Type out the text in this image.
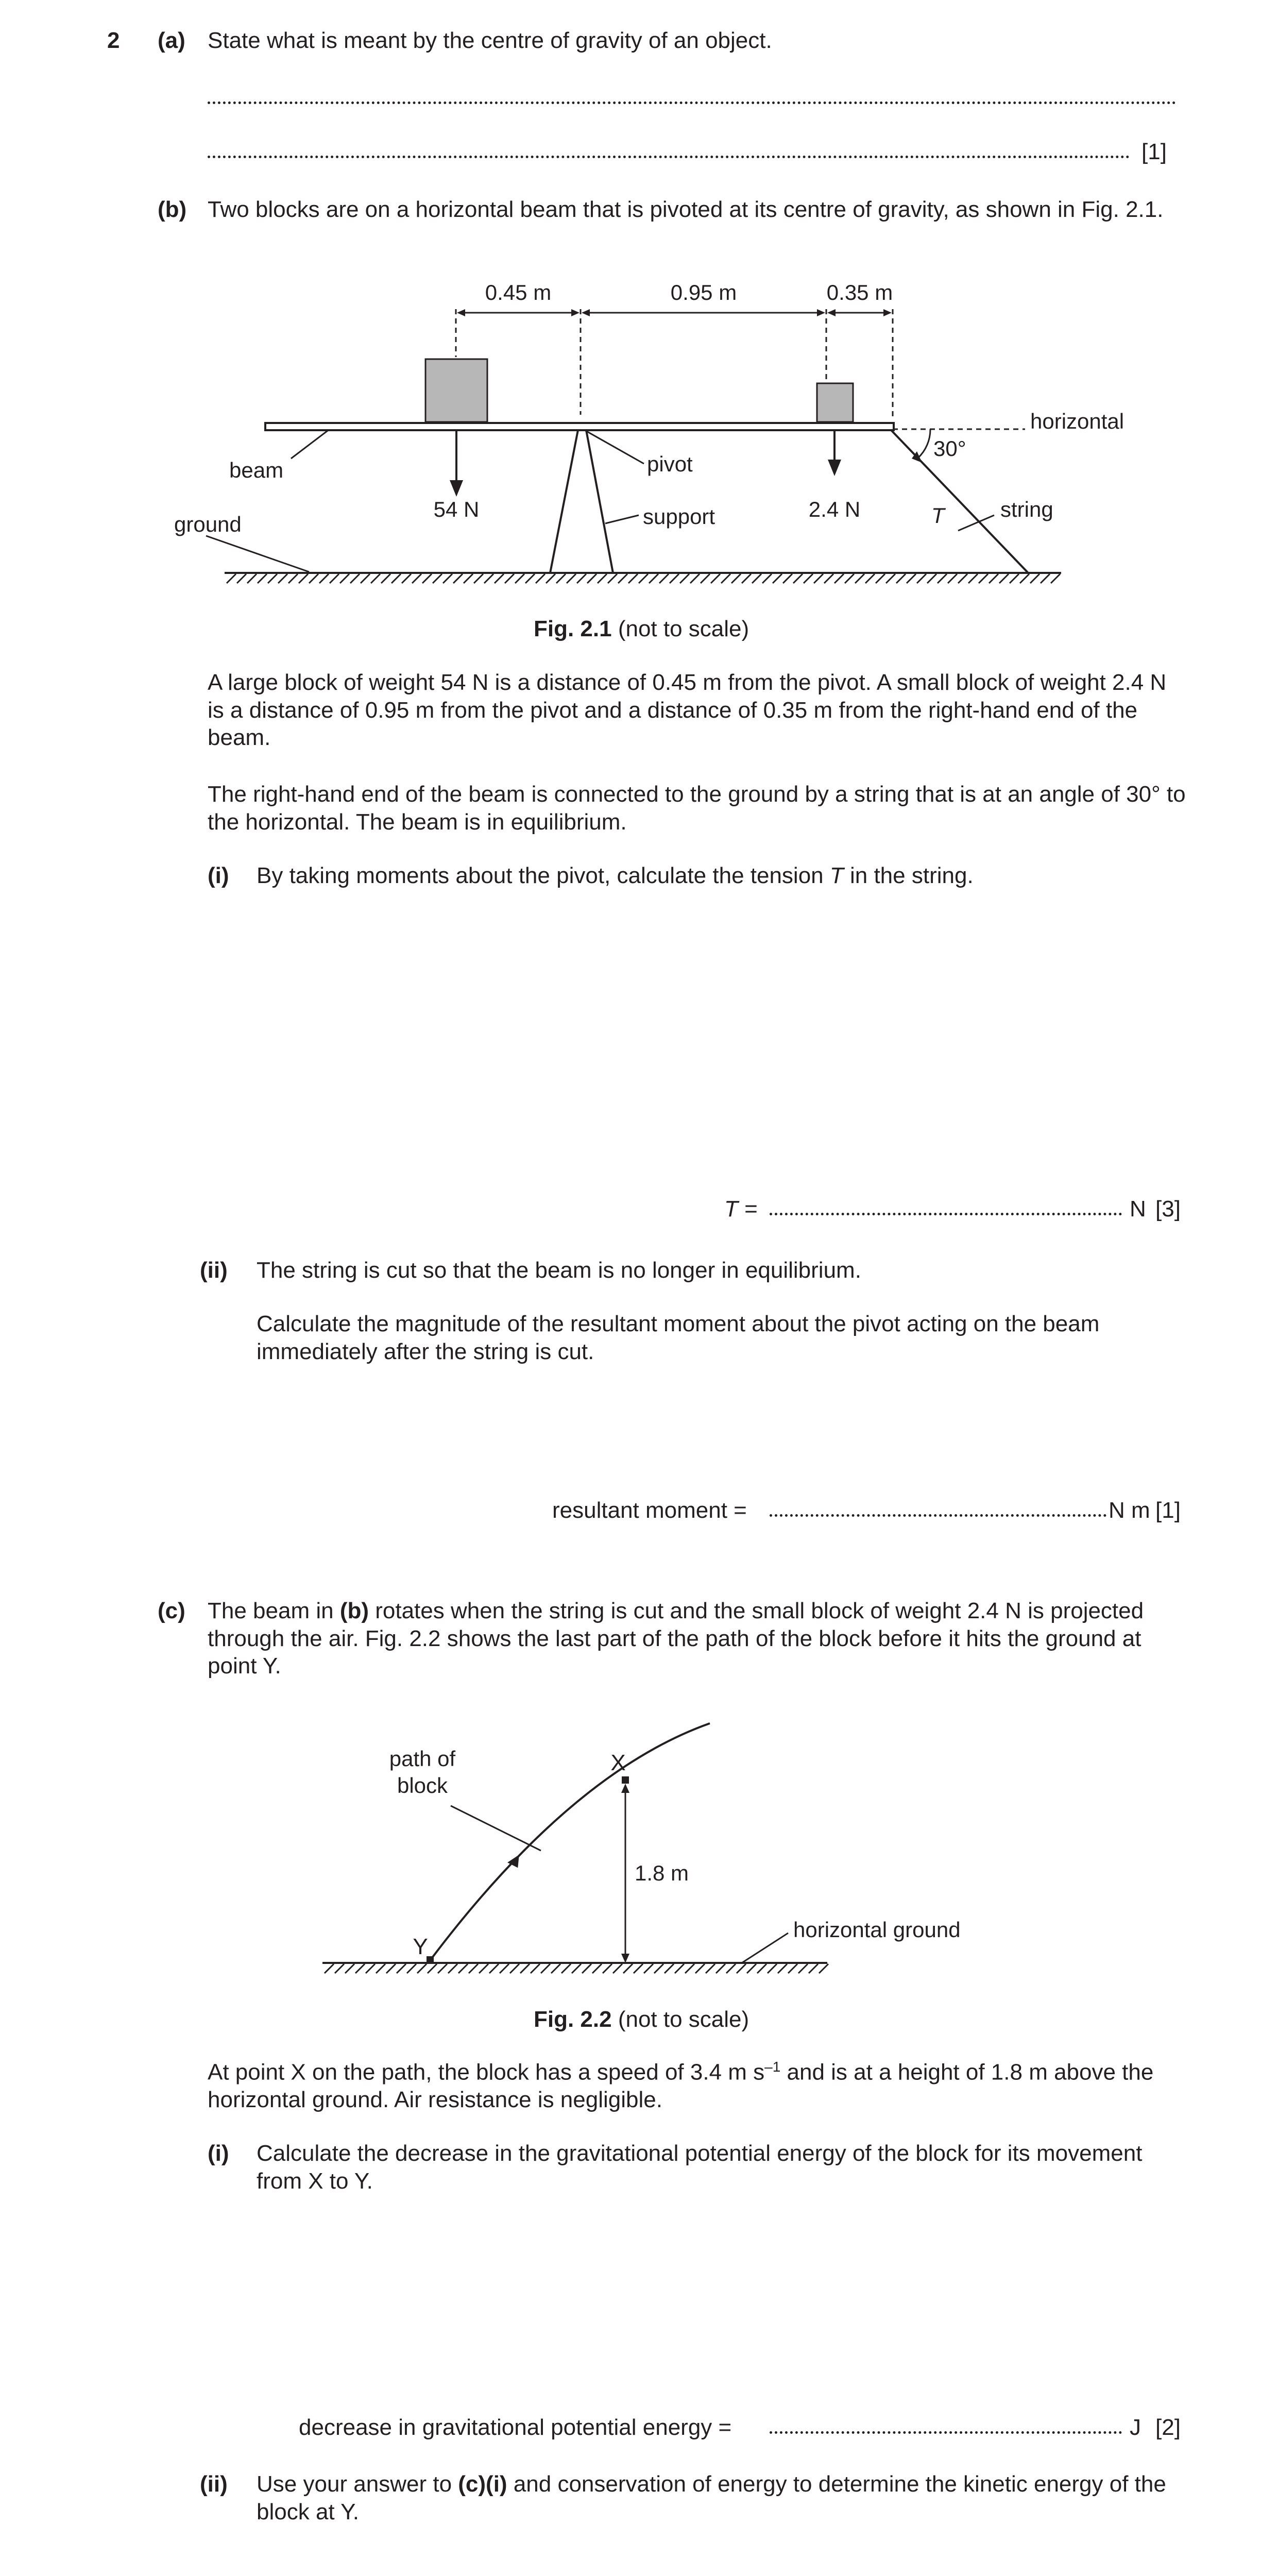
2 (a) State what is meant by the centre of gravity of an object.
[1]
(b) Two blocks are on a horizontal beam that is pivoted at its centre of gravity, as shown in Fig. 2.1.
0.45 m	0.95 m	0.35 m
horizontal
beam	pivot
ground
54 N	2.4 N
support
30°
T	string
Fig. 2.1 (not to scale)
A large block of weight 54 N is a distance of 0.45 m from the pivot. A small block of weight 2.4 N is a distance of 0.95 m from the pivot and a distance of 0.35 m from the right-hand end of the beam.
The right-hand end of the beam is connected to the ground by a string that is at an angle of 30° to the horizontal. The beam is in equilibrium.
(i) By taking moments about the pivot, calculate the tension T in the string.
T =	N [3]
(ii) The string is cut so that the beam is no longer in equilibrium.
Calculate the magnitude of the resultant moment about the pivot acting on the beam immediately after the string is cut.
resultant moment =	N m [1]
(c) The beam in (b) rotates when the string is cut and the small block of weight 2.4 N is projected through the air. Fig. 2.2 shows the last part of the path of the block before it hits the ground at point Y.
path of
block
X
Y
1.8 m
horizontal ground
Fig. 2.2 (not to scale)
At point X on the path, the block has a speed of 3.4 m $s^{-1}$ and is at a height of 1.8 m above the horizontal ground. Air resistance is negligible.
(i) Calculate the decrease in the gravitational potential energy of the block for its movement from X to Y.
decrease in gravitational potential energy =	J [2]
(ii) Use your answer to (c)(i) and conservation of energy to determine the kinetic energy of the block at Y.
